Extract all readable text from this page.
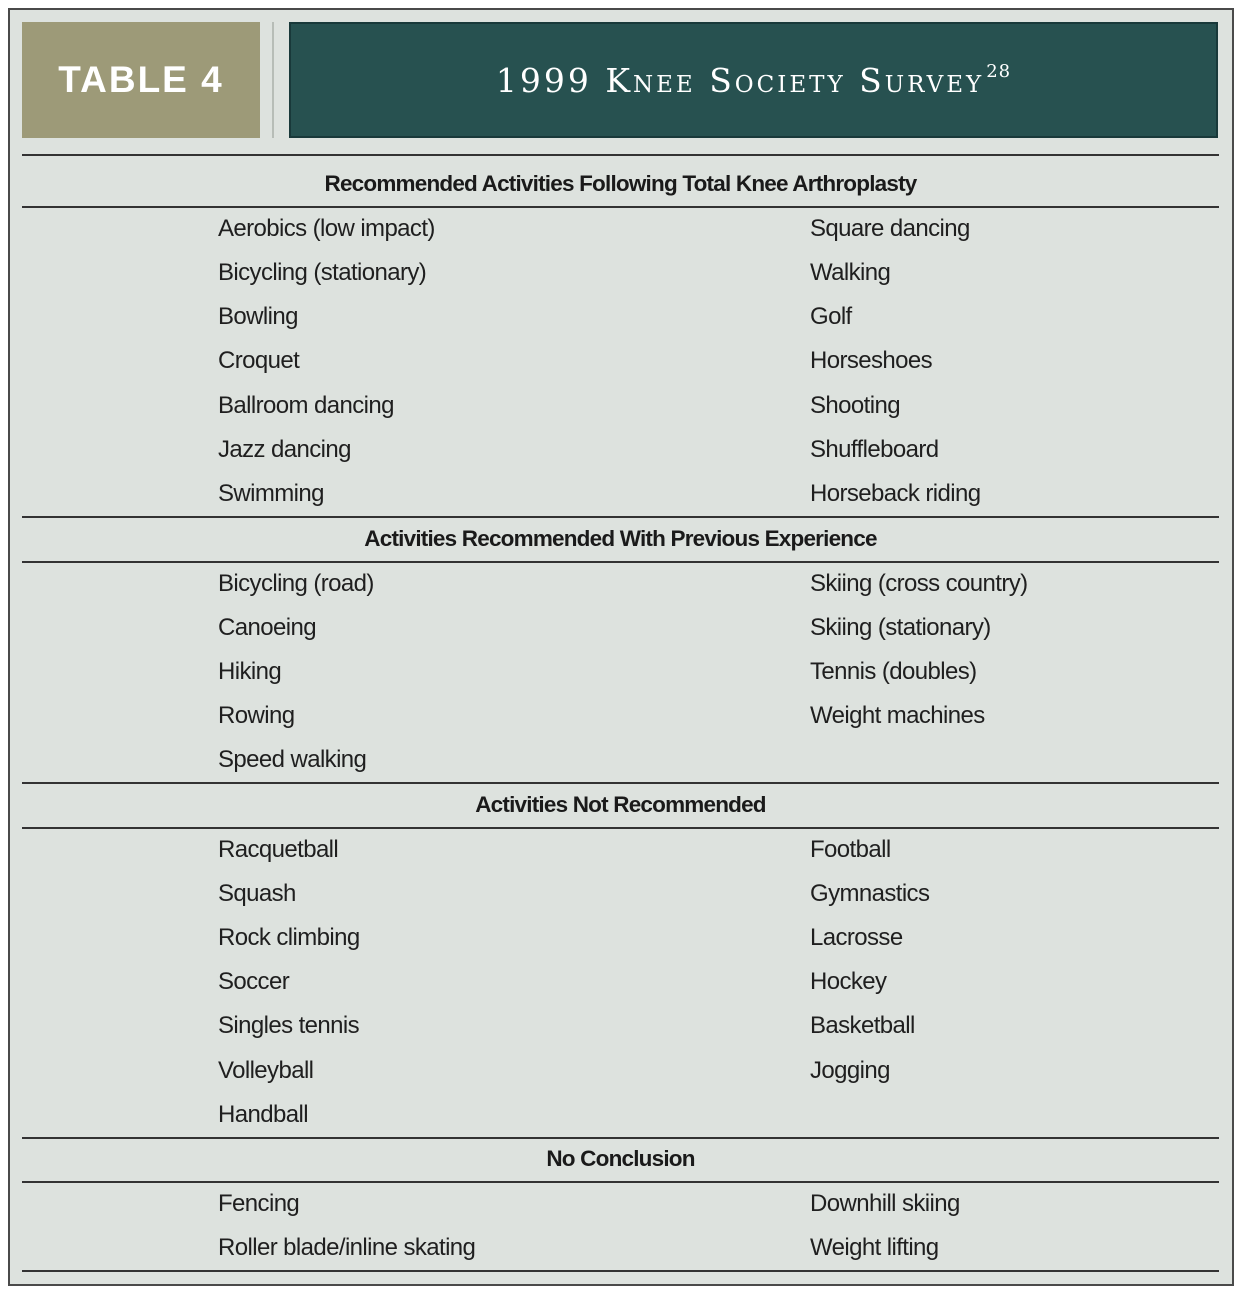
TABLE 4	1999 Knee Society Survey $^{28}$
Recommended Activities Following Total Knee Arthroplasty
Aerobics (low impact)
Bicycling (stationary)
Bowling
Croquet
Ballroom dancing
Jazz dancing
Swimming
Square dancing
Walking
Golf
Horseshoes
Shooting
Shuffleboard
Horseback riding
Activities Recommended With Previous Experience
Bicycling (road)
Canoeing
Hiking
Rowing
Speed walking
Skiing (cross country)
Skiing (stationary)
Tennis (doubles)
Weight machines
Activities Not Recommended
Racquetball
Squash
Rock climbing
Soccer
Singles tennis
Volleyball
Handball
Football
Gymnastics
Lacrosse
Hockey
Basketball
Jogging
No Conclusion
Fencing
Roller blade/inline skating
Downhill skiing
Weight lifting
